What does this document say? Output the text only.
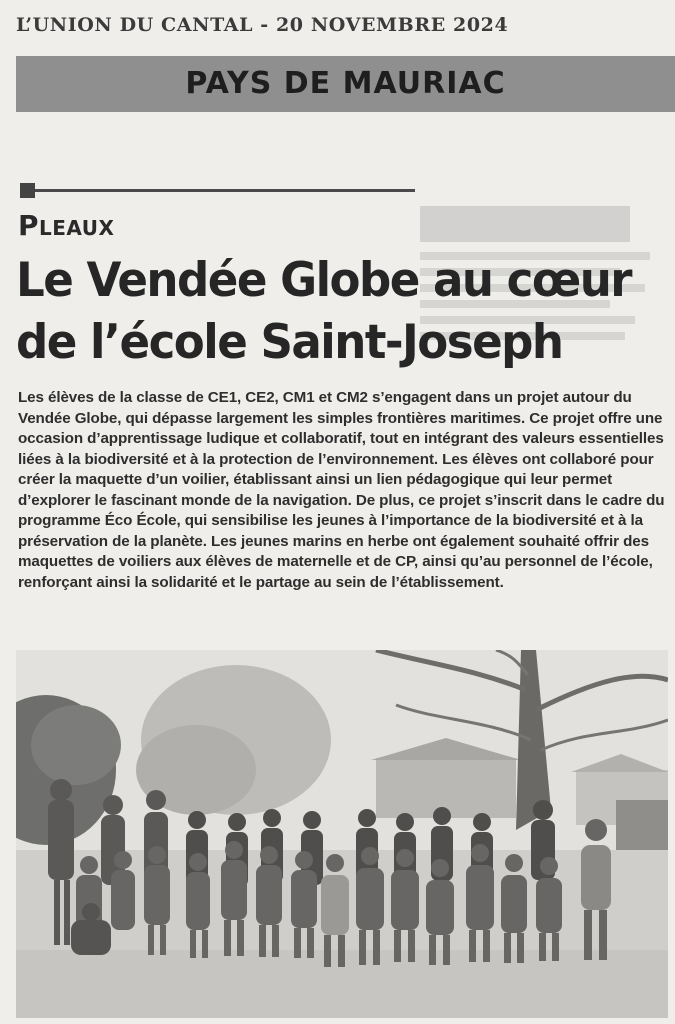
L’UNION DU CANTAL - 20 NOVEMBRE 2024
PAYS DE MAURIAC
Pleaux
Le Vendée Globe au cœur
de l’école Saint-Joseph
Les élèves de la classe de CE1, CE2, CM1 et CM2 s’engagent dans un projet autour du Vendée Globe, qui dépasse largement les simples frontières maritimes. Ce projet offre une occasion d’apprentissage ludique et collaboratif, tout en intégrant des valeurs essentielles liées à la biodiversité et à la protection de l’environnement. Les élèves ont collaboré pour créer la maquette d’un voilier, établissant ainsi un lien pédagogique qui leur permet d’explorer le fascinant monde de la navigation. De plus, ce projet s’inscrit dans le cadre du programme Éco École, qui sensibilise les jeunes à l’importance de la biodiversité et à la préservation de la planète. Les jeunes marins en herbe ont également souhaité offrir des maquettes de voiliers aux élèves de maternelle et de CP, ainsi qu’au personnel de l’école, renforçant ainsi la solidarité et le partage au sein de l’établissement.
